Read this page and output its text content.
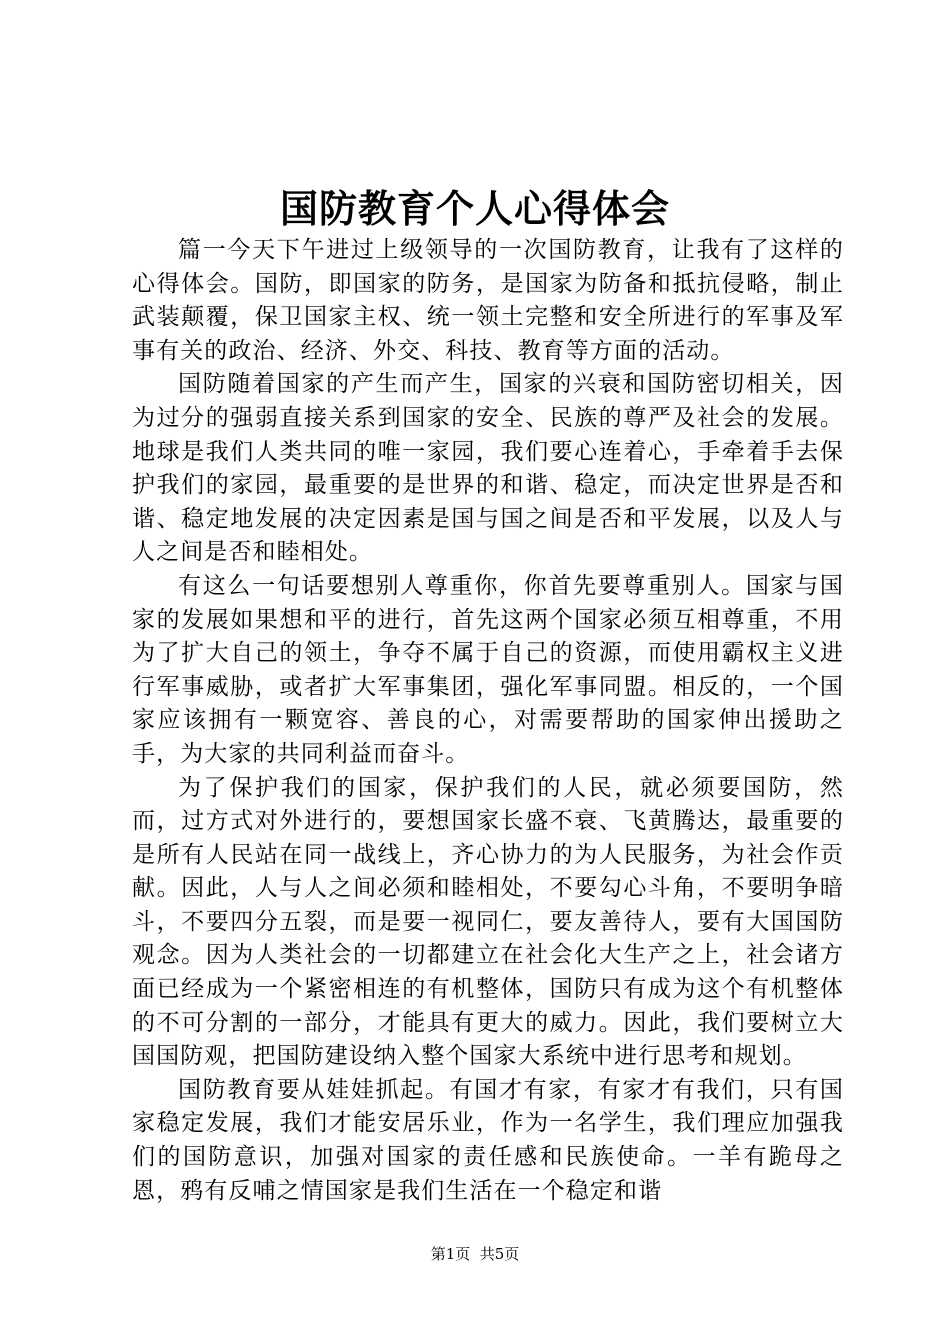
国防教育个人心得体会

篇一今天下午进过上级领导的一次国防教育，让我有了这样的心得体会。国防，即国家的防务，是国家为防备和抵抗侵略，制止武装颠覆，保卫国家主权、统一领土完整和安全所进行的军事及军事有关的政治、经济、外交、科技、教育等方面的活动。

国防随着国家的产生而产生，国家的兴衰和国防密切相关，因为过分的强弱直接关系到国家的安全、民族的尊严及社会的发展。地球是我们人类共同的唯一家园，我们要心连着心，手牵着手去保护我们的家园，最重要的是世界的和谐、稳定，而决定世界是否和谐、稳定地发展的决定因素是国与国之间是否和平发展，以及人与人之间是否和睦相处。

有这么一句话要想别人尊重你，你首先要尊重别人。国家与国家的发展如果想和平的进行，首先这两个国家必须互相尊重，不用为了扩大自己的领土，争夺不属于自己的资源，而使用霸权主义进行军事威胁，或者扩大军事集团，强化军事同盟。相反的，一个国家应该拥有一颗宽容、善良的心，对需要帮助的国家伸出援助之手，为大家的共同利益而奋斗。

为了保护我们的国家，保护我们的人民，就必须要国防，然而，过方式对外进行的，要想国家长盛不衰、飞黄腾达，最重要的是所有人民站在同一战线上，齐心协力的为人民服务，为社会作贡献。因此，人与人之间必须和睦相处，不要勾心斗角，不要明争暗斗，不要四分五裂，而是要一视同仁，要友善待人，要有大国国防观念。因为人类社会的一切都建立在社会化大生产之上，社会诸方面已经成为一个紧密相连的有机整体，国防只有成为这个有机整体的不可分割的一部分，才能具有更大的威力。因此，我们要树立大国国防观，把国防建设纳入整个国家大系统中进行思考和规划。

国防教育要从娃娃抓起。有国才有家，有家才有我们，只有国家稳定发展，我们才能安居乐业，作为一名学生，我们理应加强我们的国防意识，加强对国家的责任感和民族使命。一羊有跪母之恩，鸦有反哺之情国家是我们生活在一个稳定和谐

第1页  共5页
